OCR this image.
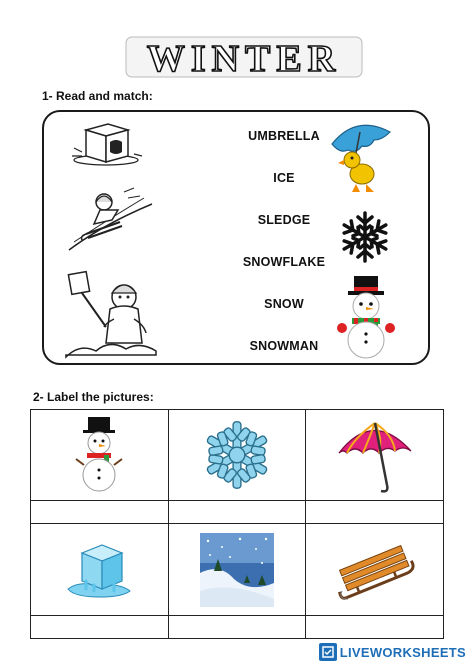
WINTER
1- Read and match:
UMBRELLA
ICE
SLEDGE
SNOWFLAKE
SNOW
SNOWMAN
2- Label the pictures:

LIVEWORKSHEETS
